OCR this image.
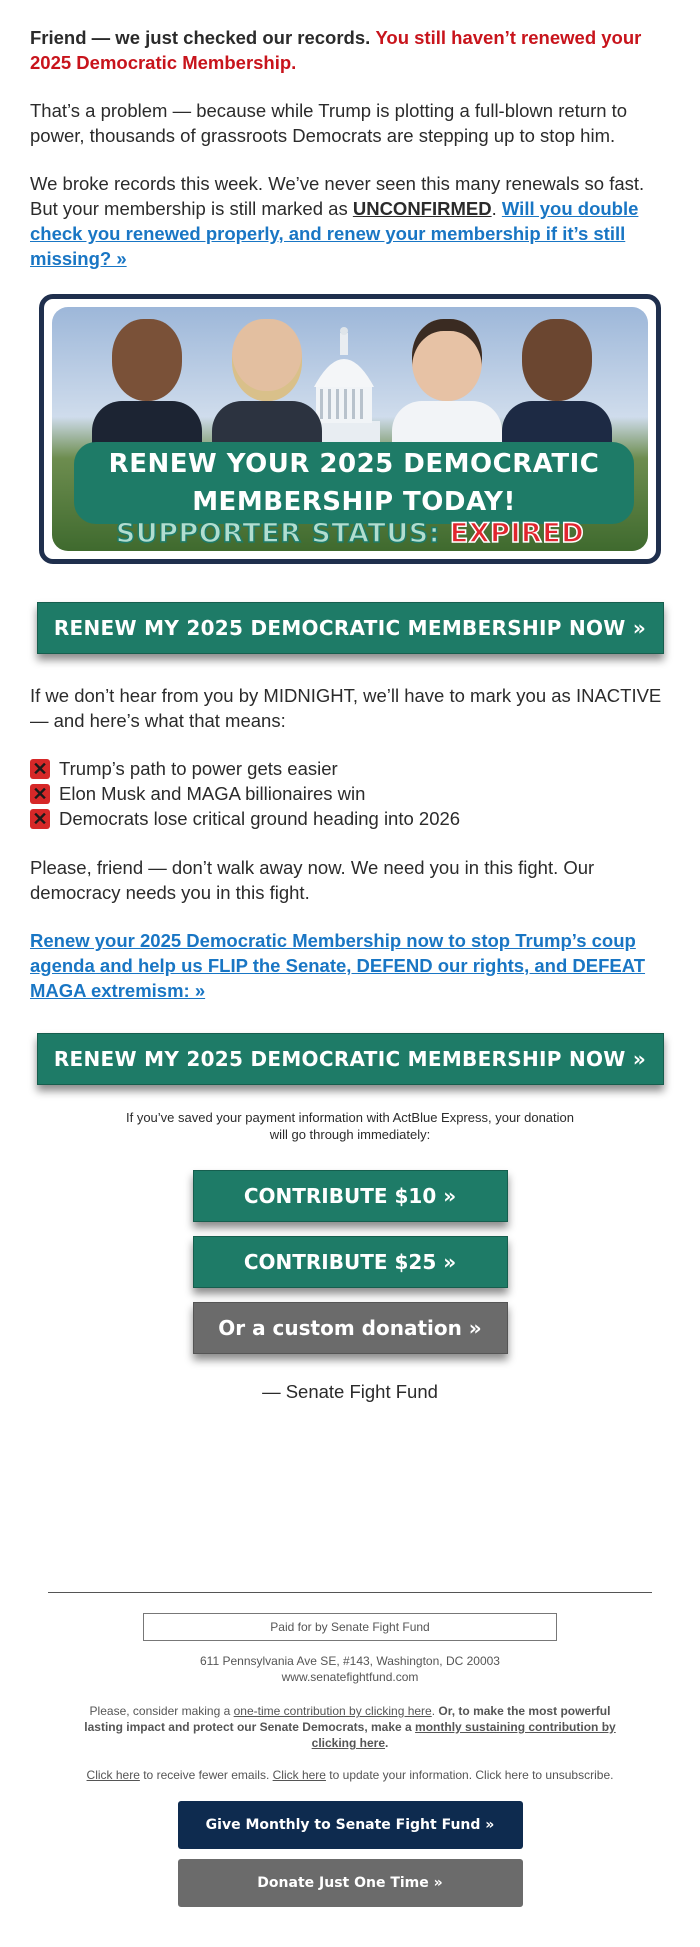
Friend — we just checked our records. You still haven’t renewed your 2025 Democratic Membership.

That’s a problem — because while Trump is plotting a full-blown return to power, thousands of grassroots Democrats are stepping up to stop him.

We broke records this week. We’ve never seen this many renewals so fast. But your membership is still marked as UNCONFIRMED. Will you double check you renewed properly, and renew your membership if it’s still missing? »

RENEW YOUR 2025 DEMOCRATIC
MEMBERSHIP TODAY!
SUPPORTER STATUS: EXPIRED
RENEW MY 2025 DEMOCRATIC MEMBERSHIP NOW »

If we don’t hear from you by MIDNIGHT, we’ll have to mark you as INACTIVE — and here’s what that means:

✕ Trump’s path to power gets easier
✕ Elon Musk and MAGA billionaires win
✕ Democrats lose critical ground heading into 2026

Please, friend — don’t walk away now. We need you in this fight. Our democracy needs you in this fight.

Renew your 2025 Democratic Membership now to stop Trump’s coup agenda and help us FLIP the Senate, DEFEND our rights, and DEFEAT MAGA extremism: »

RENEW MY 2025 DEMOCRATIC MEMBERSHIP NOW »
If you’ve saved your payment information with ActBlue Express, your donation
will go through immediately:
CONTRIBUTE $10 »
CONTRIBUTE $25 »
Or a custom donation »

— Senate Fight Fund

Paid for by Senate Fight Fund
611 Pennsylvania Ave SE, #143, Washington, DC 20003
www.senatefightfund.com
Please, consider making a one-time contribution by clicking here. Or, to make the most powerful lasting impact and protect our Senate Democrats, make a monthly sustaining contribution by clicking here.
Click here to receive fewer emails. Click here to update your information. Click here to unsubscribe.
Give Monthly to Senate Fight Fund »
Donate Just One Time »
